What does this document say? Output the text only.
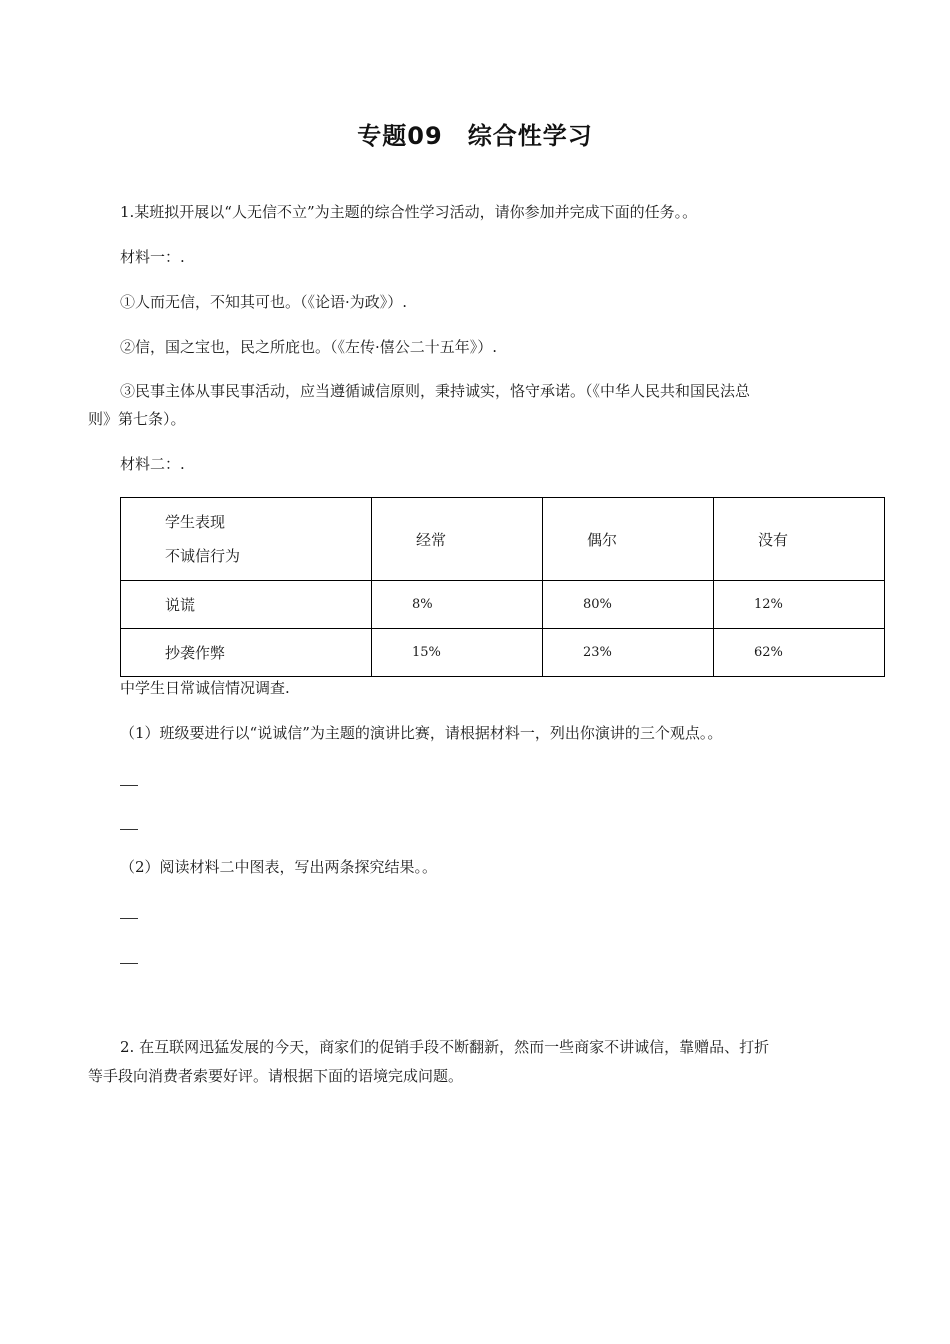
专题09　综合性学习
1.某班拟开展以“人无信不立”为主题的综合性学习活动，请你参加并完成下面的任务。。
材料一：.
①人而无信，不知其可也。（《论语·为政》）.
②信，国之宝也，民之所庇也。（《左传·僖公二十五年》）.
③民事主体从事民事活动，应当遵循诚信原则，秉持诚实，恪守承诺。（《中华人民共和国民法总
则》第七条）。
材料二：.
学生表现
不诚信行为	经常	偶尔	没有
说谎	8%	80%	12%
抄袭作弊	15%	23%	62%
中学生日常诚信情况调查.
（1）班级要进行以“说诚信”为主题的演讲比赛，请根据材料一，列出你演讲的三个观点。。
（2）阅读材料二中图表，写出两条探究结果。。
2. 在互联网迅猛发展的今天，商家们的促销手段不断翻新，然而一些商家不讲诚信，靠赠品、打折
等手段向消费者索要好评。请根据下面的语境完成问题。
